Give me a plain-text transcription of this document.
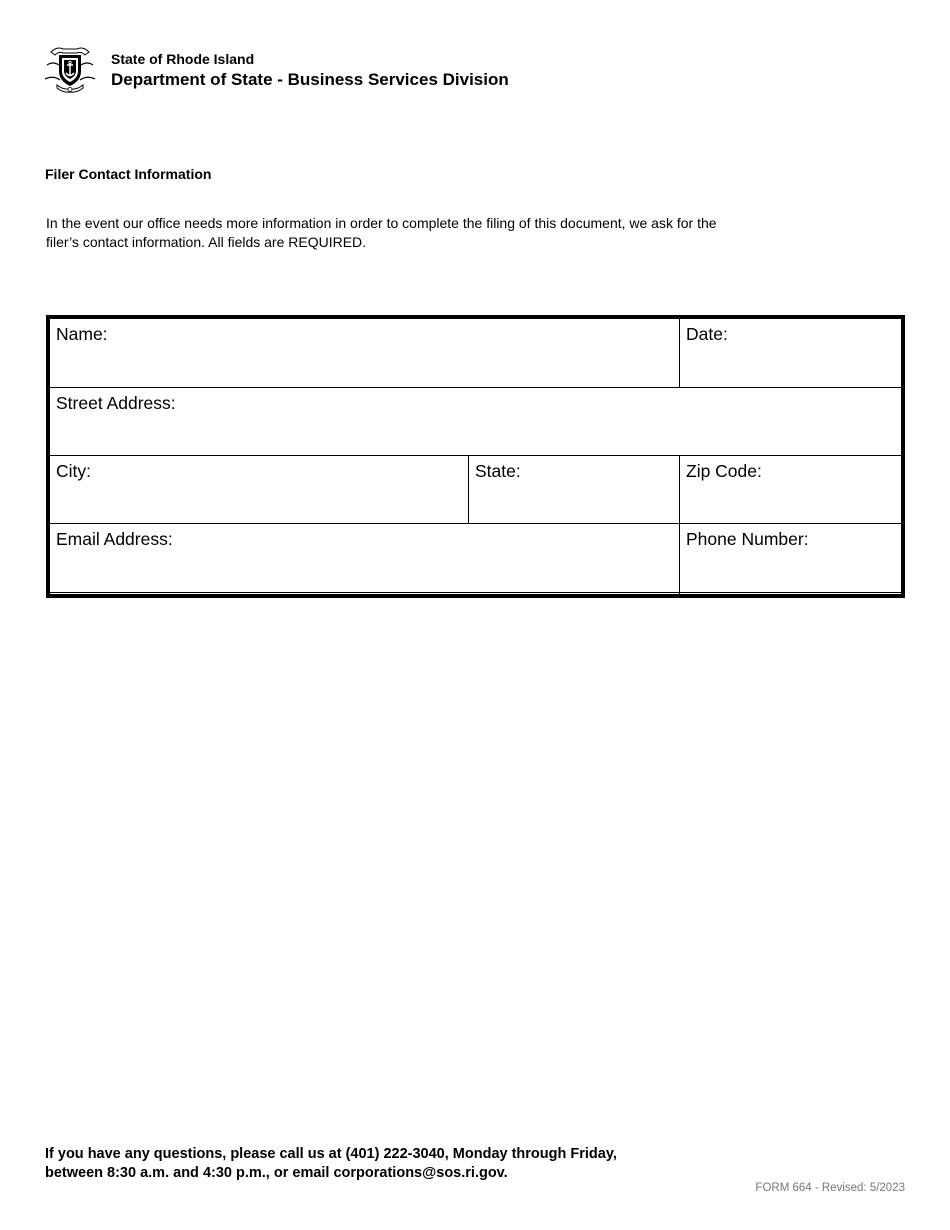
State of Rhode Island
Department of State - Business Services Division
Filer Contact Information
In the event our office needs more information in order to complete the filing of this document, we ask for the
filer’s contact information. All fields are REQUIRED.
Name:	Date:
Street Address:
City:	State:	Zip Code:
Email Address:	Phone Number:
If you have any questions, please call us at (401) 222-3040, Monday through Friday,
between 8:30 a.m. and 4:30 p.m., or email corporations@sos.ri.gov.
FORM 664 - Revised: 5/2023
